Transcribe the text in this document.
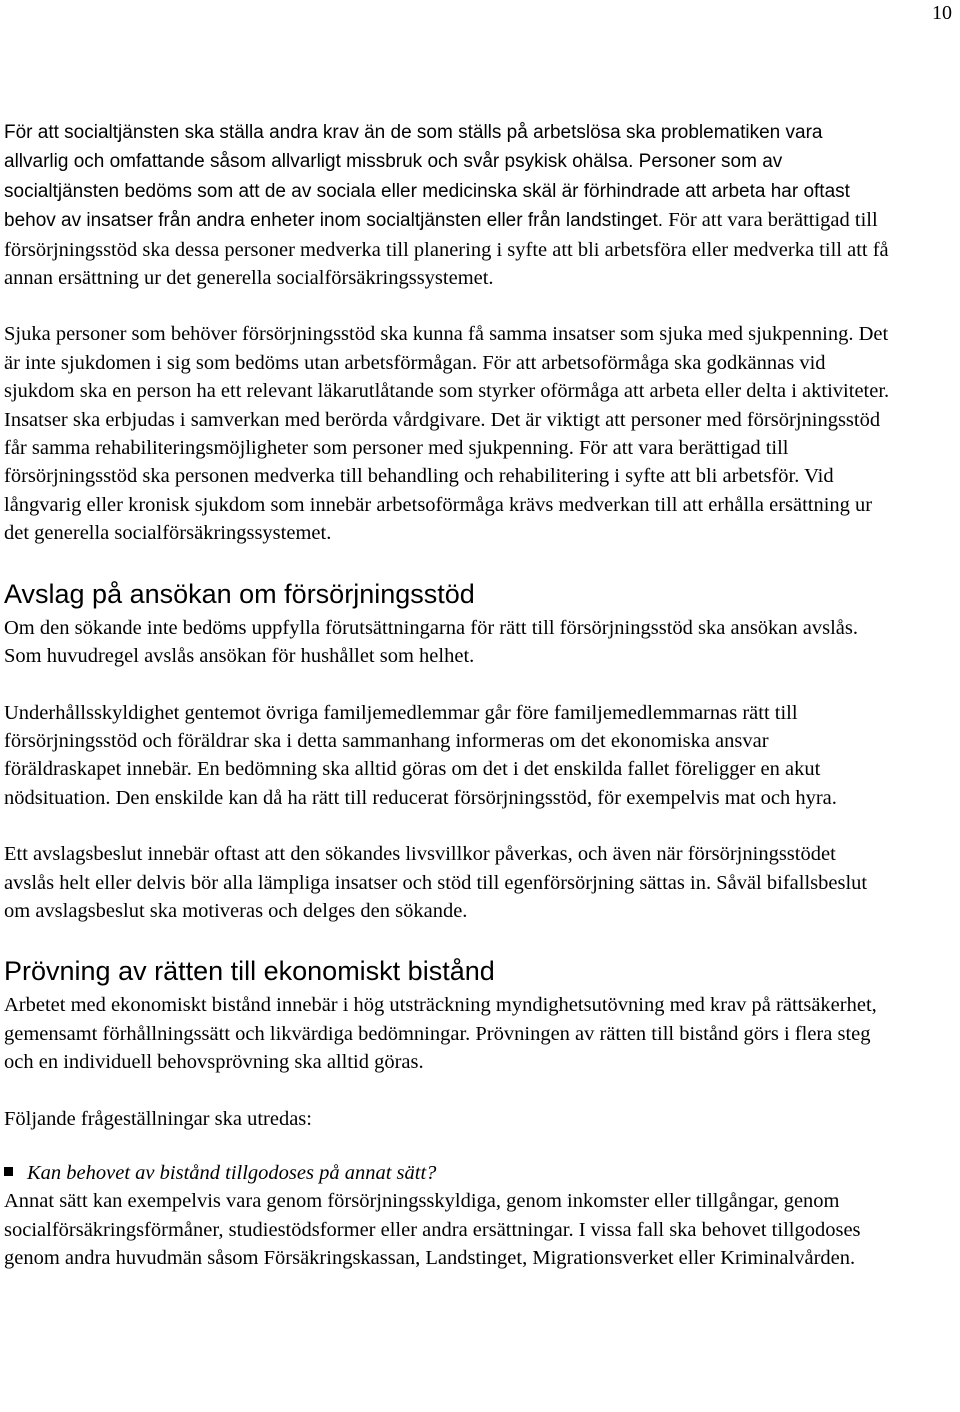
10

För att socialtjänsten ska ställa andra krav än de som ställs på arbetslösa ska problematiken vara allvarlig och omfattande såsom allvarligt missbruk och svår psykisk ohälsa. Personer som av socialtjänsten bedöms som att de av sociala eller medicinska skäl är förhindrade att arbeta har oftast behov av insatser från andra enheter inom socialtjänsten eller från landstinget. För att vara berättigad till försörjningsstöd ska dessa personer medverka till planering i syfte att bli arbetsföra eller medverka till att få annan ersättning ur det generella socialförsäkringssystemet.

Sjuka personer som behöver försörjningsstöd ska kunna få samma insatser som sjuka med sjukpenning. Det är inte sjukdomen i sig som bedöms utan arbetsförmågan. För att arbetsoförmåga ska godkännas vid sjukdom ska en person ha ett relevant läkarutlåtande som styrker oförmåga att arbeta eller delta i aktiviteter. Insatser ska erbjudas i samverkan med berörda vårdgivare. Det är viktigt att personer med försörjningsstöd får samma rehabiliteringsmöjligheter som personer med sjukpenning. För att vara berättigad till försörjningsstöd ska personen medverka till behandling och rehabilitering i syfte att bli arbetsför. Vid långvarig eller kronisk sjukdom som innebär arbetsoförmåga krävs medverkan till att erhålla ersättning ur det generella socialförsäkringssystemet.

Avslag på ansökan om försörjningsstöd

Om den sökande inte bedöms uppfylla förutsättningarna för rätt till försörjningsstöd ska ansökan avslås. Som huvudregel avslås ansökan för hushållet som helhet.

Underhållsskyldighet gentemot övriga familjemedlemmar går före familjemedlemmarnas rätt till försörjningsstöd och föräldrar ska i detta sammanhang informeras om det ekonomiska ansvar föräldraskapet innebär. En bedömning ska alltid göras om det i det enskilda fallet föreligger en akut nödsituation. Den enskilde kan då ha rätt till reducerat försörjningsstöd, för exempelvis mat och hyra.

Ett avslagsbeslut innebär oftast att den sökandes livsvillkor påverkas, och även när försörjningsstödet avslås helt eller delvis bör alla lämpliga insatser och stöd till egenförsörjning sättas in. Såväl bifallsbeslut om avslagsbeslut ska motiveras och delges den sökande.

Prövning av rätten till ekonomiskt bistånd

Arbetet med ekonomiskt bistånd innebär i hög utsträckning myndighetsutövning med krav på rättsäkerhet, gemensamt förhållningssätt och likvärdiga bedömningar. Prövningen av rätten till bistånd görs i flera steg och en individuell behovsprövning ska alltid göras.

Följande frågeställningar ska utredas:

Kan behovet av bistånd tillgodoses på annat sätt?

Annat sätt kan exempelvis vara genom försörjningsskyldiga, genom inkomster eller tillgångar, genom socialförsäkringsförmåner, studiestödsformer eller andra ersättningar. I vissa fall ska behovet tillgodoses genom andra huvudmän såsom Försäkringskassan, Landstinget, Migrationsverket eller Kriminalvården.
